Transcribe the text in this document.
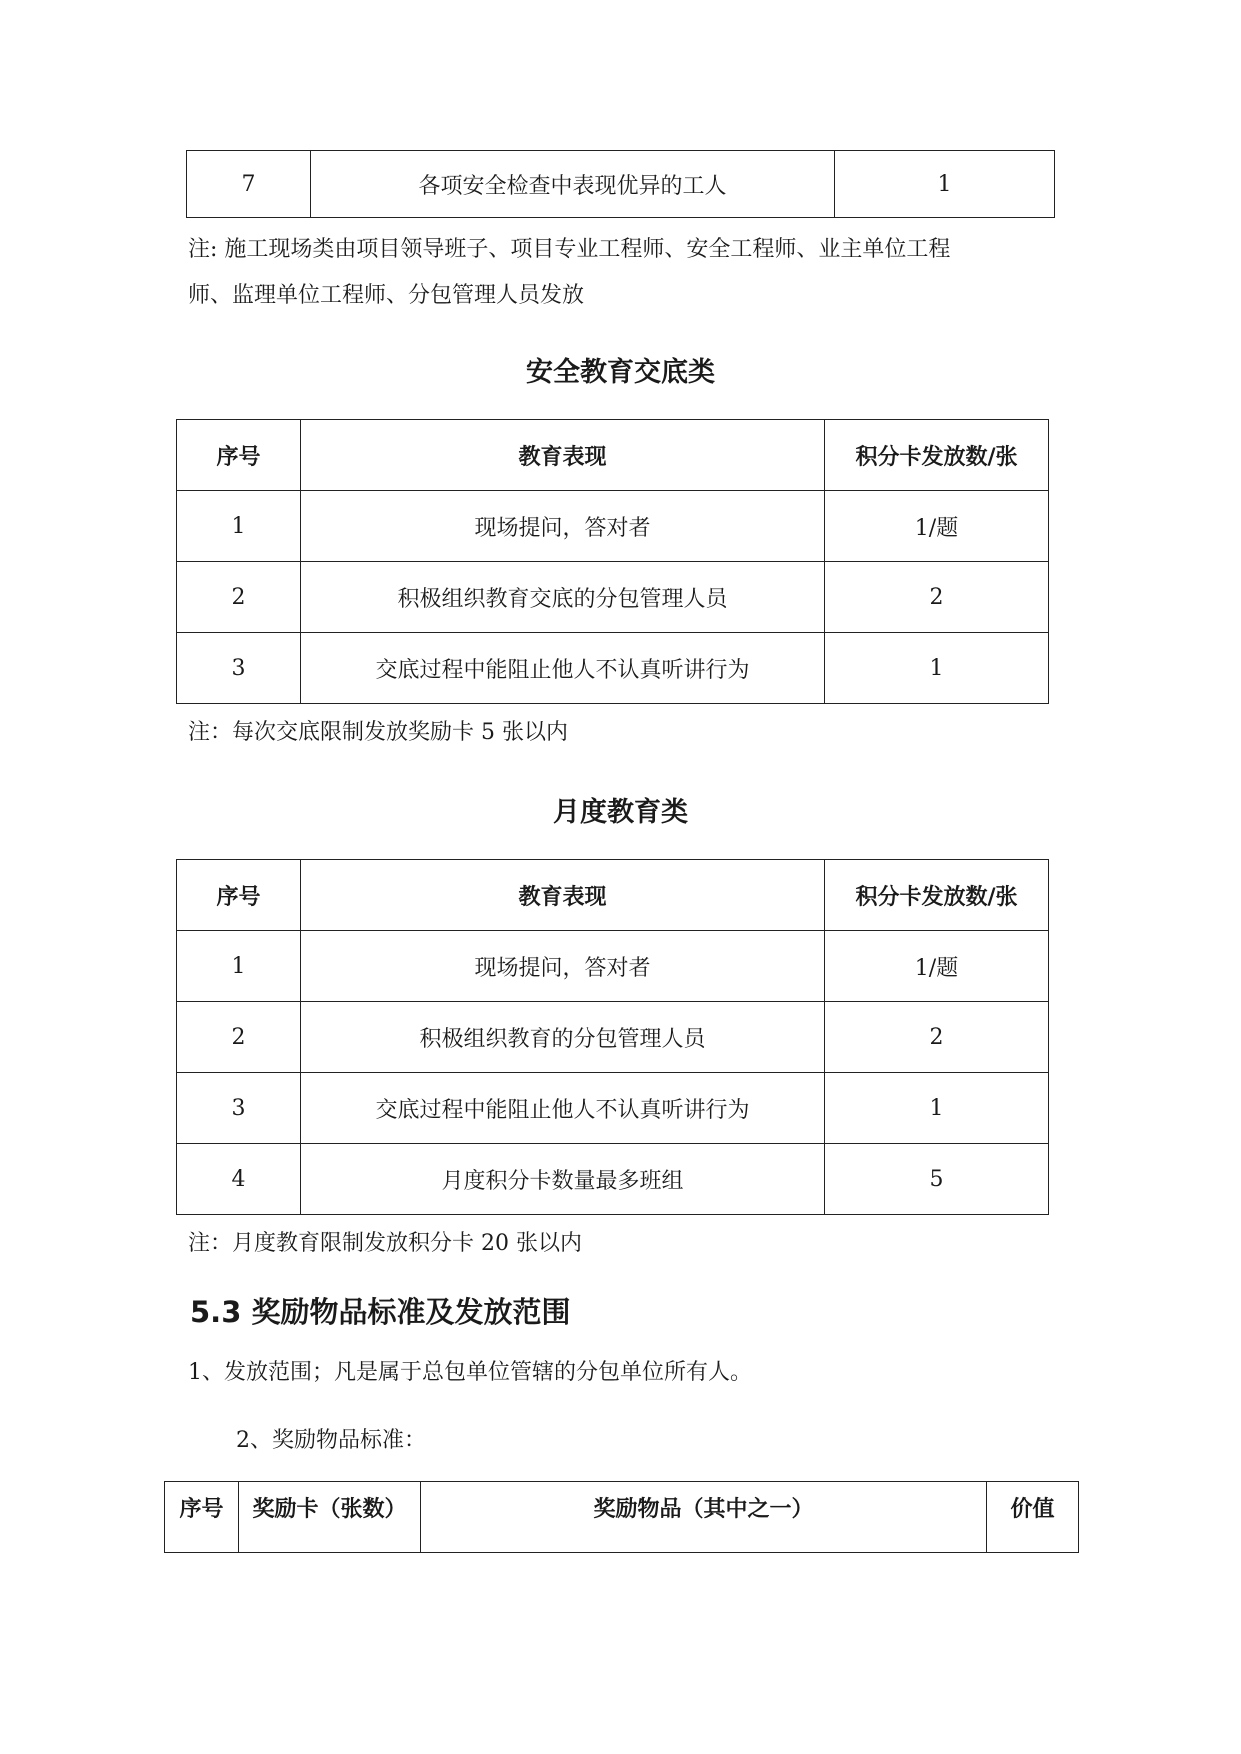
7	各项安全检查中表现优异的工人	1
注: 施工现场类由项目领导班子、项目专业工程师、安全工程师、业主单位工程
师、监理单位工程师、分包管理人员发放
安全教育交底类
序号	教育表现	积分卡发放数/张
1	现场提问，答对者	1/题
2	积极组织教育交底的分包管理人员	2
3	交底过程中能阻止他人不认真听讲行为	1
注：每次交底限制发放奖励卡 5 张以内
月度教育类
序号	教育表现	积分卡发放数/张
1	现场提问，答对者	1/题
2	积极组织教育的分包管理人员	2
3	交底过程中能阻止他人不认真听讲行为	1
4	月度积分卡数量最多班组	5
注：月度教育限制发放积分卡 20 张以内
5.3 奖励物品标准及发放范围
1、发放范围；凡是属于总包单位管辖的分包单位所有人。
2、奖励物品标准：
序号	奖励卡（张数）	奖励物品（其中之一）	价值
